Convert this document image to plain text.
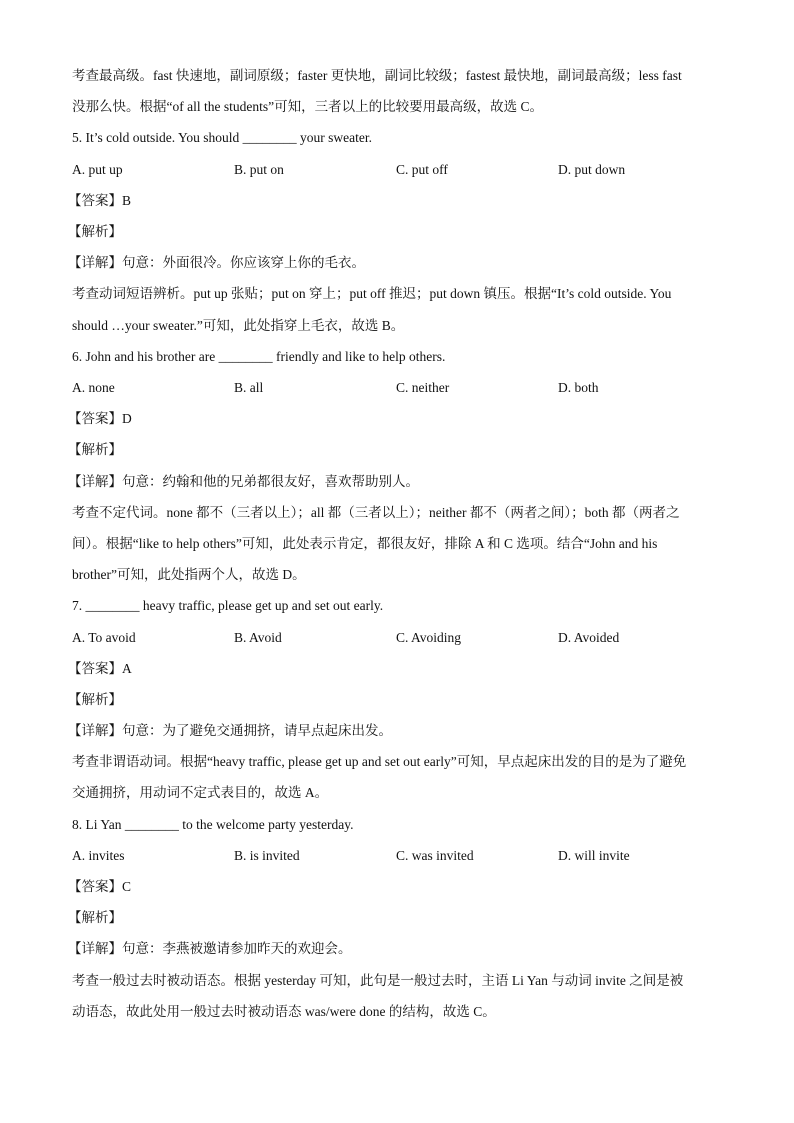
考查最高级。fast 快速地，副词原级；faster 更快地，副词比较级；fastest 最快地，副词最高级；less fast
没那么快。根据“of all the students”可知，三者以上的比较要用最高级，故选 C。
5. It’s cold outside. You should ________ your sweater.
A. put up	B. put on	C. put off	D. put down
【答案】B
【解析】
【详解】句意：外面很冷。你应该穿上你的毛衣。
考查动词短语辨析。put up 张贴；put on 穿上；put off 推迟；put down 镇压。根据“It’s cold outside. You
should …your sweater.”可知，此处指穿上毛衣，故选 B。
6. John and his brother are ________ friendly and like to help others.
A. none	B. all	C. neither	D. both
【答案】D
【解析】
【详解】句意：约翰和他的兄弟都很友好，喜欢帮助别人。
考查不定代词。none 都不（三者以上）；all 都（三者以上）；neither 都不（两者之间）；both 都（两者之
间）。根据“like to help others”可知，此处表示肯定，都很友好，排除 A 和 C 选项。结合“John and his
brother”可知，此处指两个人，故选 D。
7. ________ heavy traffic, please get up and set out early.
A. To avoid	B. Avoid	C. Avoiding	D. Avoided
【答案】A
【解析】
【详解】句意：为了避免交通拥挤，请早点起床出发。
考查非谓语动词。根据“heavy traffic, please get up and set out early”可知，早点起床出发的目的是为了避免
交通拥挤，用动词不定式表目的，故选 A。
8. Li Yan ________ to the welcome party yesterday.
A. invites	B. is invited	C. was invited	D. will invite
【答案】C
【解析】
【详解】句意：李燕被邀请参加昨天的欢迎会。
考查一般过去时被动语态。根据 yesterday 可知，此句是一般过去时，主语 Li Yan 与动词 invite 之间是被
动语态，故此处用一般过去时被动语态 was/were done 的结构，故选 C。
